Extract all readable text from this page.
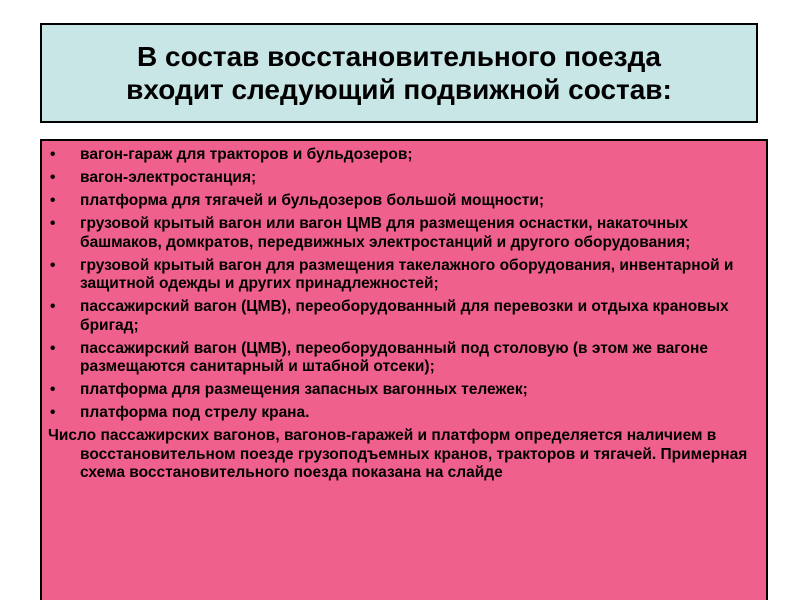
В состав восстановительного поезда
входит следующий подвижной состав:
• вагон-гараж для тракторов и бульдозеров;
• вагон-электростанция;
• платформа для тягачей и бульдозеров большой мощности;
• грузовой крытый вагон или вагон ЦМВ для размещения оснастки, накаточных башмаков, домкратов, передвижных электростанций и другого оборудования;
• грузовой крытый вагон для размещения такелажного оборудования, инвентарной и защитной одежды и других принадлежностей;
• пассажирский вагон (ЦМВ), переоборудованный для перевозки и отдыха крановых бригад;
• пассажирский вагон (ЦМВ), переоборудованный под столовую (в этом же вагоне размещаются санитарный и штабной отсеки);
• платформа для размещения запасных вагонных тележек;
• платформа под стрелу крана.
Число пассажирских вагонов, вагонов-гаражей и платформ определяется наличием в восстановительном поезде грузоподъемных кранов, тракторов и тягачей. Примерная схема восстановительного поезда показана на слайде
